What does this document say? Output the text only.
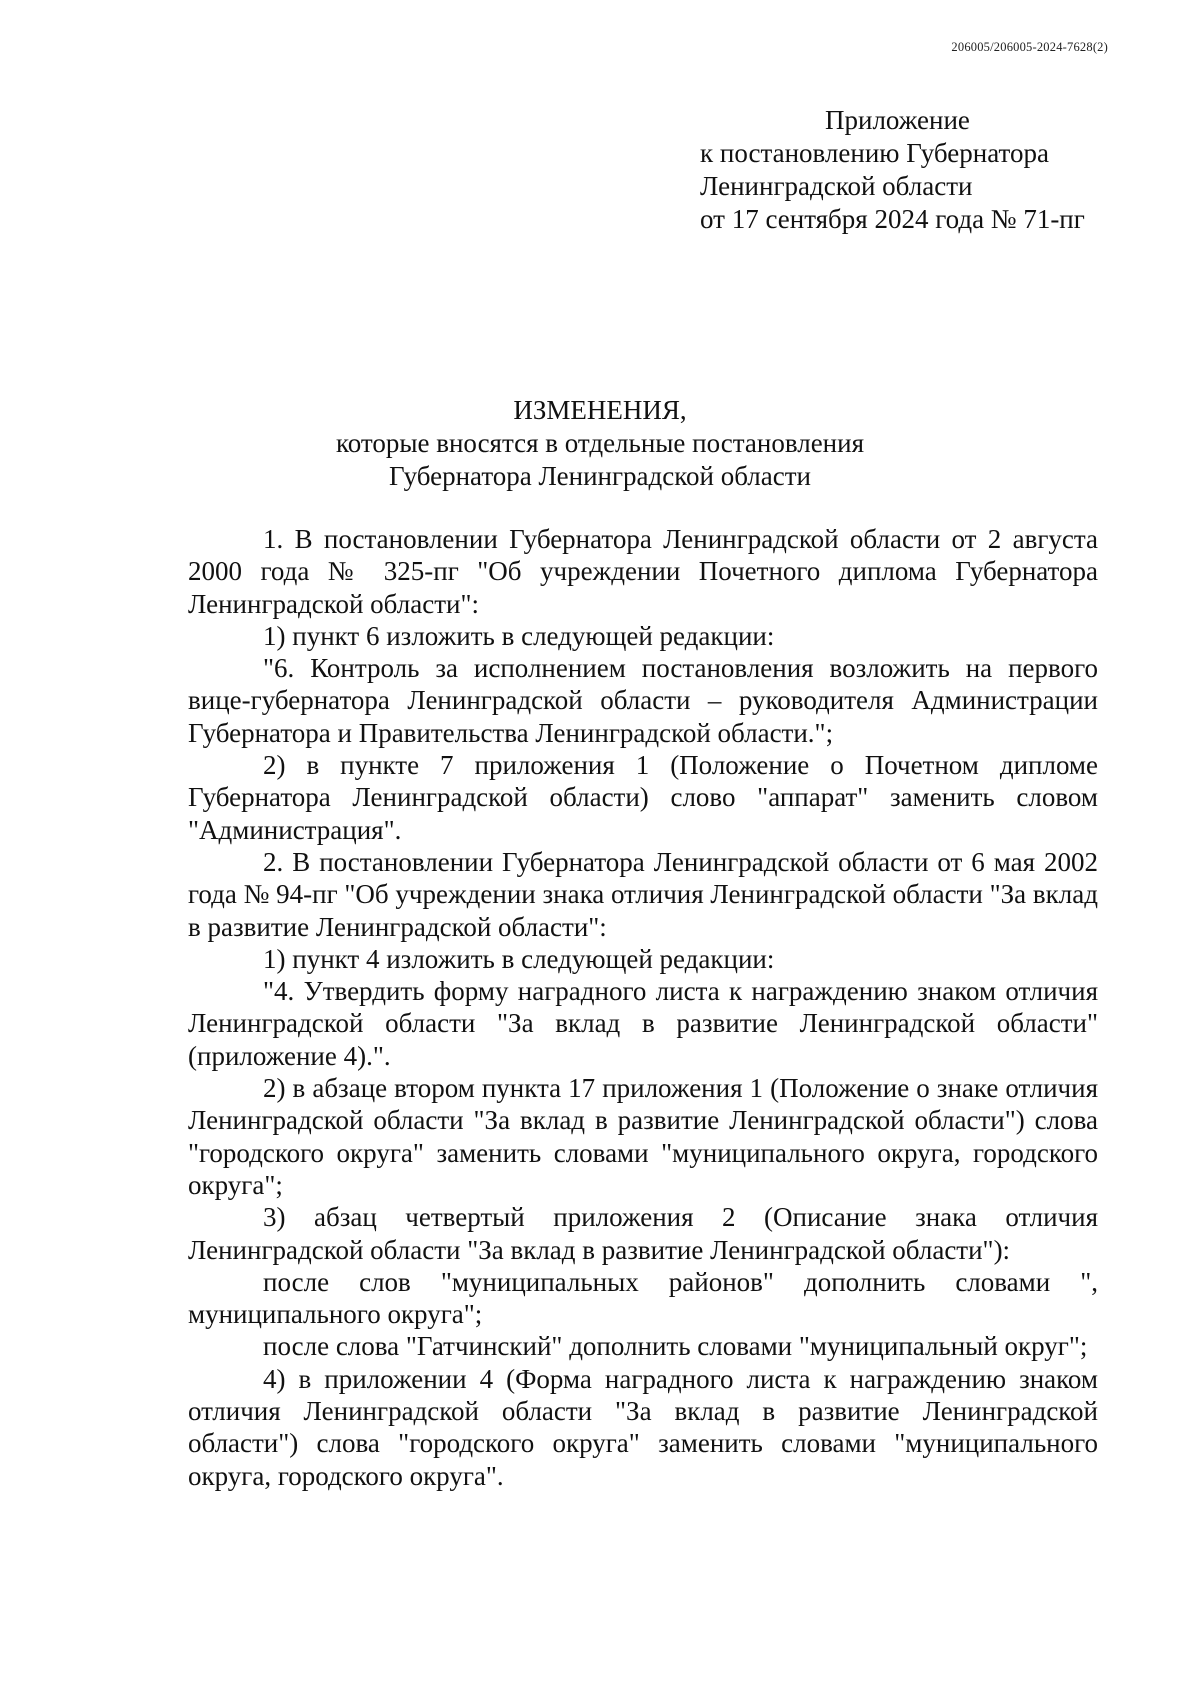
206005/206005-2024-7628(2)
Приложение
к постановлению Губернатора
Ленинградской области
от 17 сентября 2024 года № 71-пг
ИЗМЕНЕНИЯ,
которые вносятся в отдельные постановления
Губернатора Ленинградской области

1. В постановлении Губернатора Ленинградской области от 2 августа 2000 года № 325-пг "Об учреждении Почетного диплома Губернатора Ленинградской области":

1) пункт 6 изложить в следующей редакции:

"6. Контроль за исполнением постановления возложить на первого вице-губернатора Ленинградской области – руководителя Администрации Губернатора и Правительства Ленинградской области.";

2) в пункте 7 приложения 1 (Положение о Почетном дипломе Губернатора Ленинградской области) слово "аппарат" заменить словом "Администрация".

2. В постановлении Губернатора Ленинградской области от 6 мая 2002 года № 94-пг "Об учреждении знака отличия Ленинградской области "За вклад в развитие Ленинградской области":

1) пункт 4 изложить в следующей редакции:

"4. Утвердить форму наградного листа к награждению знаком отличия Ленинградской области "За вклад в развитие Ленинградской области" (приложение 4).".

2) в абзаце втором пункта 17 приложения 1 (Положение о знаке отличия Ленинградской области "За вклад в развитие Ленинградской области") слова "городского округа" заменить словами "муниципального округа, городского округа";

3) абзац четвертый приложения 2 (Описание знака отличия Ленинградской области "За вклад в развитие Ленинградской области"):

после слов "муниципальных районов" дополнить словами ", муниципального округа";

после слова "Гатчинский" дополнить словами "муниципальный округ";

4) в приложении 4 (Форма наградного листа к награждению знаком отличия Ленинградской области "За вклад в развитие Ленинградской области") слова "городского округа" заменить словами "муниципального округа, городского округа".
